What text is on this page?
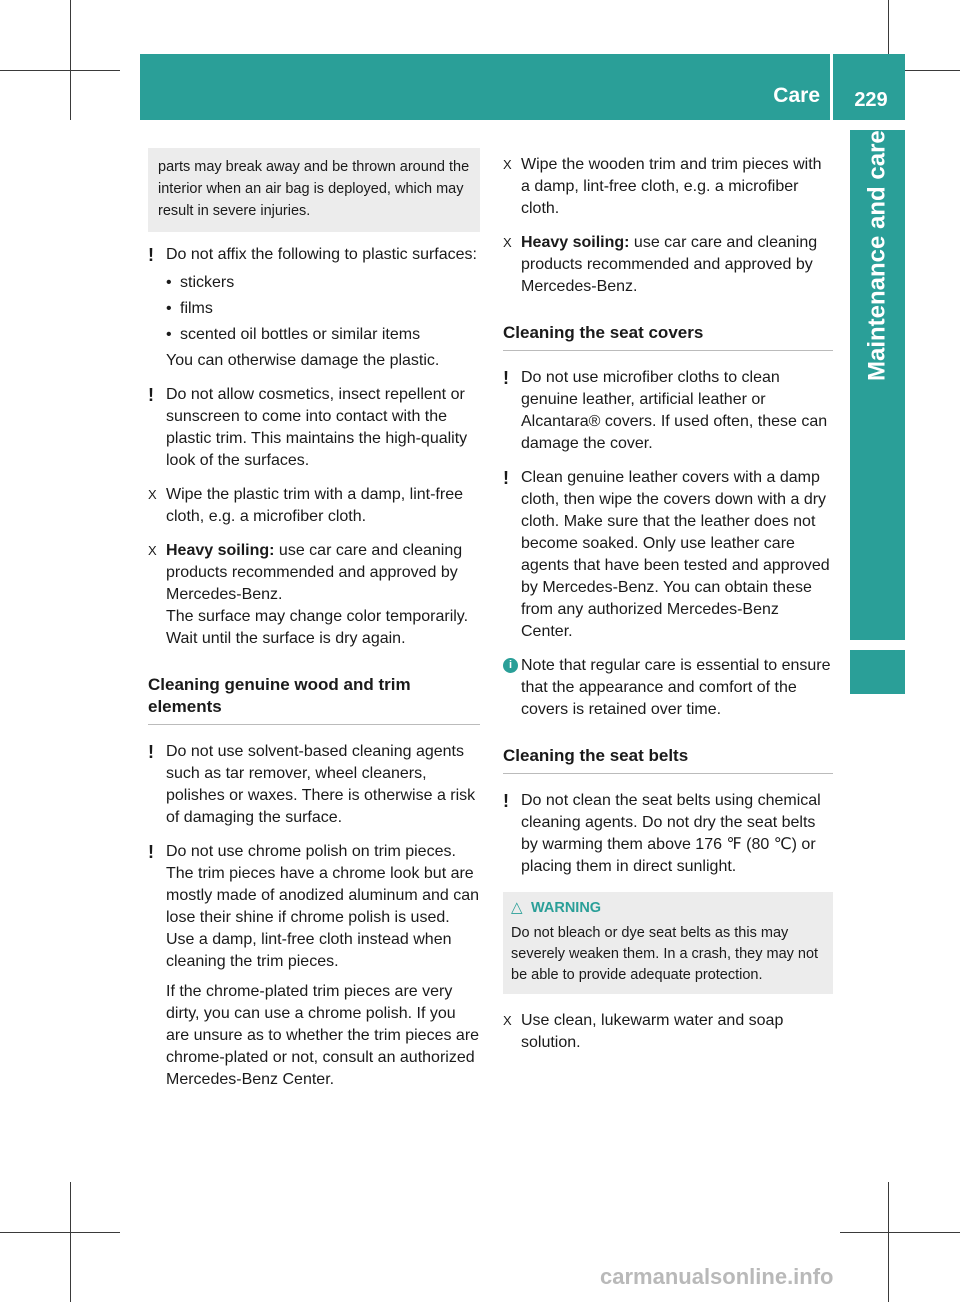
Care	229
Maintenance and care
parts may break away and be thrown around the interior when an air bag is deployed, which may result in severe injuries.
! Do not affix the following to plastic surfaces:
• stickers
• films
• scented oil bottles or similar items
You can otherwise damage the plastic.
! Do not allow cosmetics, insect repellent or sunscreen to come into contact with the plastic trim. This maintains the high-quality look of the surfaces.
X Wipe the plastic trim with a damp, lint-free cloth, e.g. a microfiber cloth.
X Heavy soiling: use car care and cleaning products recommended and approved by Mercedes-Benz.
The surface may change color temporarily. Wait until the surface is dry again.
Cleaning genuine wood and trim elements
! Do not use solvent-based cleaning agents such as tar remover, wheel cleaners, polishes or waxes. There is otherwise a risk of damaging the surface.
! Do not use chrome polish on trim pieces. The trim pieces have a chrome look but are mostly made of anodized aluminum and can lose their shine if chrome polish is used. Use a damp, lint-free cloth instead when cleaning the trim pieces.
If the chrome-plated trim pieces are very dirty, you can use a chrome polish. If you are unsure as to whether the trim pieces are chrome-plated or not, consult an authorized Mercedes-Benz Center.
X Wipe the wooden trim and trim pieces with a damp, lint-free cloth, e.g. a microfiber cloth.
X Heavy soiling: use car care and cleaning products recommended and approved by Mercedes-Benz.
Cleaning the seat covers
! Do not use microfiber cloths to clean genuine leather, artificial leather or Alcantara® covers. If used often, these can damage the cover.
! Clean genuine leather covers with a damp cloth, then wipe the covers down with a dry cloth. Make sure that the leather does not become soaked. Only use leather care agents that have been tested and approved by Mercedes-Benz. You can obtain these from any authorized Mercedes-Benz Center.
i Note that regular care is essential to ensure that the appearance and comfort of the covers is retained over time.
Cleaning the seat belts
! Do not clean the seat belts using chemical cleaning agents. Do not dry the seat belts by warming them above 176 ℉ (80 ℃) or placing them in direct sunlight.
△ WARNING
Do not bleach or dye seat belts as this may severely weaken them. In a crash, they may not be able to provide adequate protection.
X Use clean, lukewarm water and soap solution.
carmanualsonline.info
